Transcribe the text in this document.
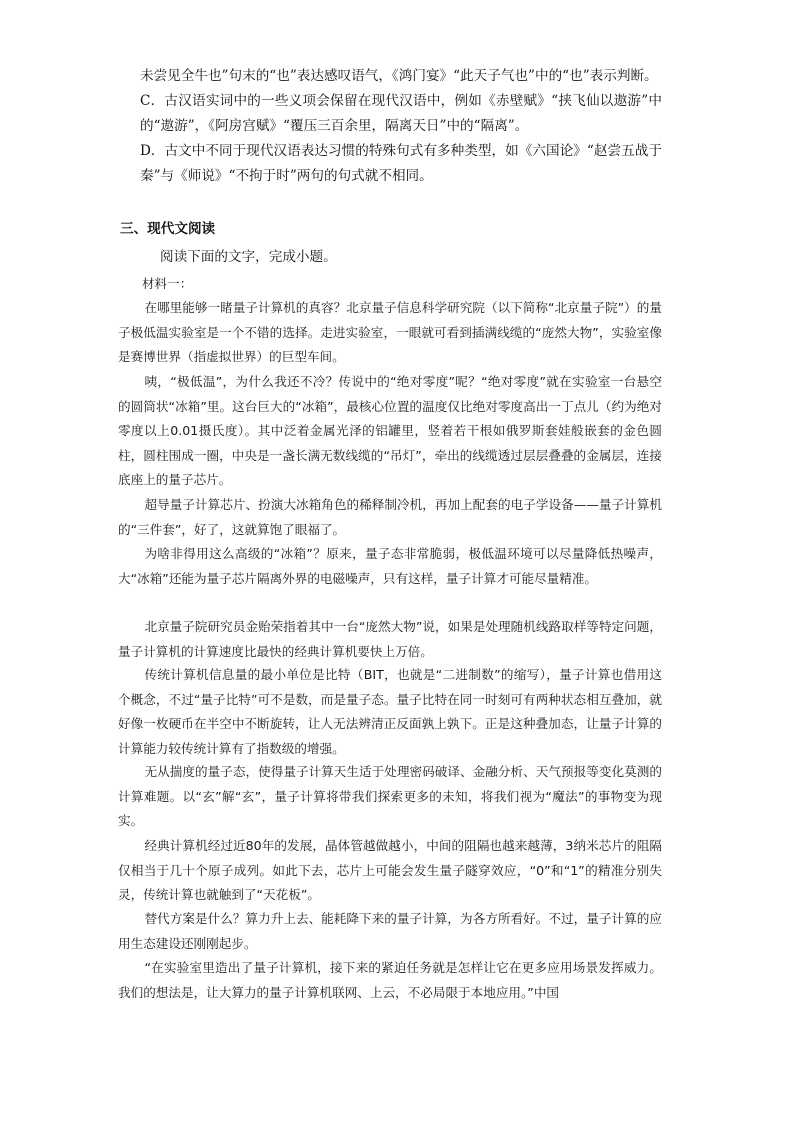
未尝见全牛也”句末的“也”表达感叹语气，《鸿门宴》“此天子气也”中的“也”表示判断。

C．古汉语实词中的一些义项会保留在现代汉语中，例如《赤壁赋》“挟飞仙以遨游”中的“遨游”，《阿房宫赋》“覆压三百余里，隔离天日”中的“隔离”。

D．古文中不同于现代汉语表达习惯的特殊句式有多种类型，如《六国论》“赵尝五战于秦”与《师说》“不拘于时”两句的句式就不相同。

三、现代文阅读

阅读下面的文字，完成小题。

材料一：

在哪里能够一睹量子计算机的真容？北京量子信息科学研究院（以下简称“北京量子院”）的量子极低温实验室是一个不错的选择。走进实验室，一眼就可看到插满线缆的“庞然大物”，实验室像是赛博世界（指虚拟世界）的巨型车间。

咦，“极低温”，为什么我还不冷？传说中的“绝对零度”呢？“绝对零度”就在实验室一台悬空的圆筒状“冰箱”里。这台巨大的“冰箱”，最核心位置的温度仅比绝对零度高出一丁点儿（约为绝对零度以上0.01摄氏度）。其中泛着金属光泽的铝罐里，竖着若干根如俄罗斯套娃般嵌套的金色圆柱，圆柱围成一圈，中央是一盏长满无数线缆的“吊灯”，牵出的线缆透过层层叠叠的金属层，连接底座上的量子芯片。

超导量子计算芯片、扮演大冰箱角色的稀释制冷机，再加上配套的电子学设备——量子计算机的“三件套”，好了，这就算饱了眼福了。

为啥非得用这么高级的“冰箱”？原来，量子态非常脆弱，极低温环境可以尽量降低热噪声，大“冰箱”还能为量子芯片隔离外界的电磁噪声，只有这样，量子计算才可能尽量精准。

北京量子院研究员金贻荣指着其中一台“庞然大物”说，如果是处理随机线路取样等特定问题，量子计算机的计算速度比最快的经典计算机要快上万倍。

传统计算机信息量的最小单位是比特（BIT，也就是“二进制数”的缩写），量子计算也借用这个概念，不过“量子比特”可不是数，而是量子态。量子比特在同一时刻可有两种状态相互叠加，就好像一枚硬币在半空中不断旋转，让人无法辨清正反面孰上孰下。正是这种叠加态，让量子计算的计算能力较传统计算有了指数级的增强。

无从揣度的量子态，使得量子计算天生适于处理密码破译、金融分析、天气预报等变化莫测的计算难题。以“玄”解“玄”，量子计算将带我们探索更多的未知，将我们视为“魔法”的事物变为现实。

经典计算机经过近80年的发展，晶体管越做越小，中间的阻隔也越来越薄，3纳米芯片的阻隔仅相当于几十个原子成列。如此下去，芯片上可能会发生量子隧穿效应，“0”和“1”的精准分别失灵，传统计算也就触到了“天花板”。

替代方案是什么？算力升上去、能耗降下来的量子计算，为各方所看好。不过，量子计算的应用生态建设还刚刚起步。

“在实验室里造出了量子计算机，接下来的紧迫任务就是怎样让它在更多应用场景发挥威力。我们的想法是，让大算力的量子计算机联网、上云，不必局限于本地应用。”中国
